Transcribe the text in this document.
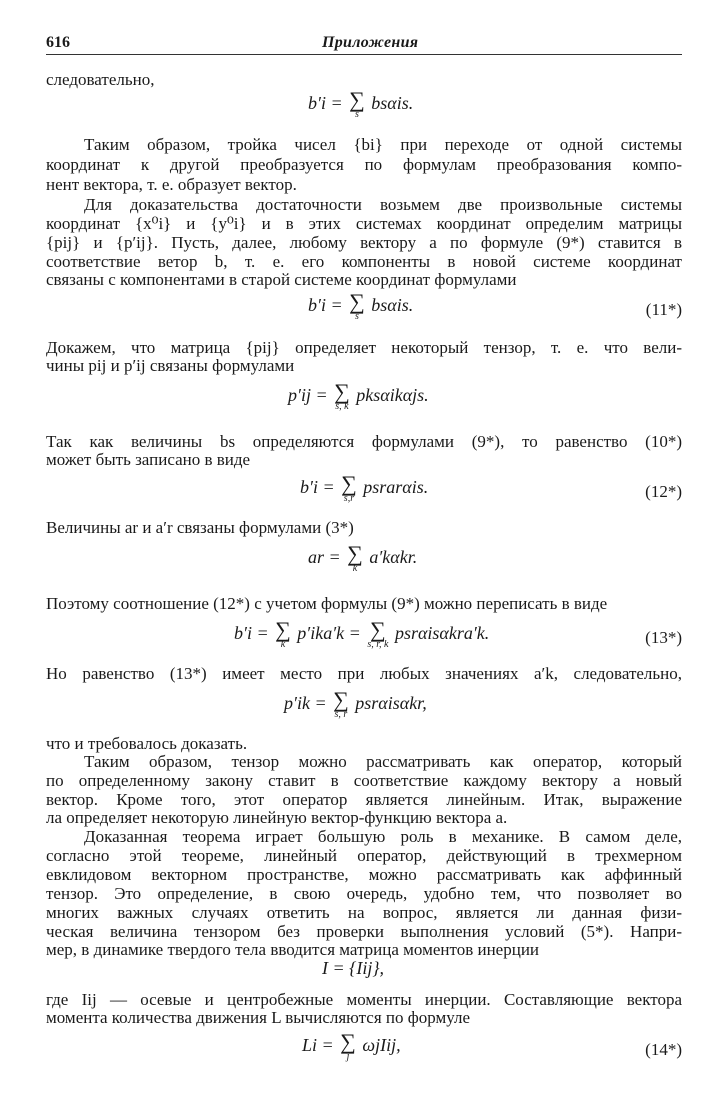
616	Приложения
следовательно,
b′i = ∑
s
bsαis.
Таким образом, тройка чисел {bi} при переходе от одной системы
координат к другой преобразуется по формулам преобразования компо-
нент вектора, т. е. образует вектор.
Для доказательства достаточности возьмем две произвольные системы
координат {x⁰i} и {y⁰i} и в этих системах координат определим матрицы
{pij} и {p′ij}. Пусть, далее, любому вектору a по формуле (9*) ставится в
соответствие ветор b, т. е. его компоненты в новой системе координат
связаны с компонентами в старой системе координат формулами
b′i = ∑
s
bsαis.	(11*)
Докажем, что матрица {pij} определяет некоторый тензор, т. е. что вели-
чины pij и p′ij связаны формулами
p′ij = ∑
s, k
pksαikαjs.
Так как величины bs определяются формулами (9*), то равенство (10*)
может быть записано в виде
b′i = ∑
s,r
psrarαis.	(12*)
Величины ar и a′r связаны формулами (3*)
ar = ∑
k
a′kαkr.
Поэтому соотношение (12*) с учетом формулы (9*) можно переписать в виде
b′i = ∑
k
p′ika′k = ∑
s, r, k
psrαisαkra′k.	(13*)
Но равенство (13*) имеет место при любых значениях a′k, следовательно,
p′ik = ∑
s, r
psrαisαkr,
что и требовалось доказать.
Таким образом, тензор можно рассматривать как оператор, который
по определенному закону ставит в соответствие каждому вектору a новый
вектор. Кроме того, этот оператор является линейным. Итак, выражение
ла определяет некоторую линейную вектор-функцию вектора a.
Доказанная теорема играет большую роль в механике. В самом деле,
согласно этой теореме, линейный оператор, действующий в трехмерном
евклидовом векторном пространстве, можно рассматривать как аффинный
тензор. Это определение, в свою очередь, удобно тем, что позволяет во
многих важных случаях ответить на вопрос, является ли данная физи-
ческая величина тензором без проверки выполнения условий (5*). Напри-
мер, в динамике твердого тела вводится матрица моментов инерции
I = {Iij},
где Iij — осевые и центробежные моменты инерции. Составляющие вектора
момента количества движения L вычисляются по формуле
Li = ∑
j
ωjIij,	(14*)
